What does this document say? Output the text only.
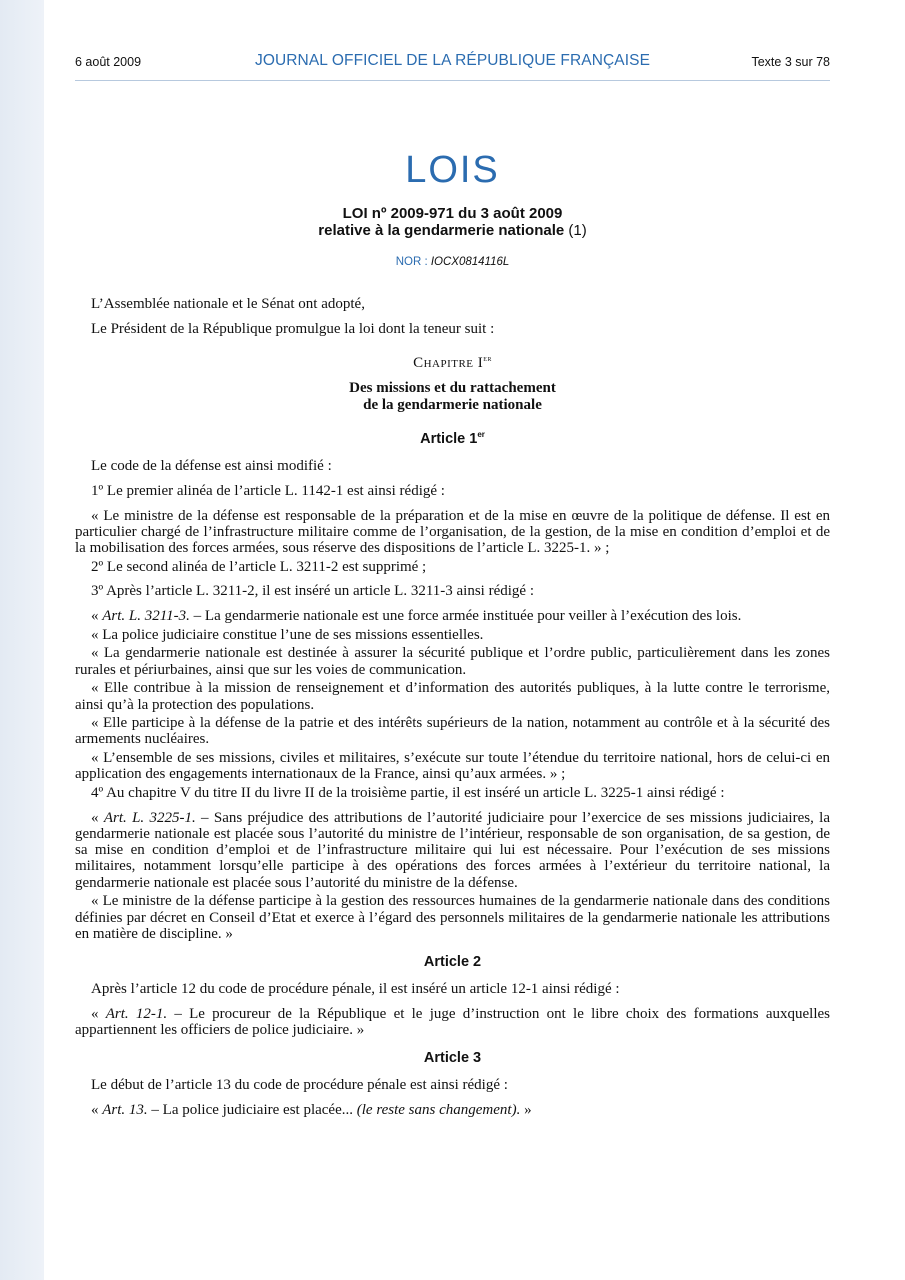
6 août 2009	JOURNAL OFFICIEL DE LA RÉPUBLIQUE FRANÇAISE	Texte 3 sur 78
LOIS
LOI nº 2009-971 du 3 août 2009
relative à la gendarmerie nationale (1)
NOR : IOCX0814116L

L’Assemblée nationale et le Sénat ont adopté,

Le Président de la République promulgue la loi dont la teneur suit :

Chapitre Ier
Des missions et du rattachement
de la gendarmerie nationale
Article 1er

Le code de la défense est ainsi modifié :

1º Le premier alinéa de l’article L. 1142-1 est ainsi rédigé :

« Le ministre de la défense est responsable de la préparation et de la mise en œuvre de la politique de défense. Il est en particulier chargé de l’infrastructure militaire comme de l’organisation, de la gestion, de la mise en condition d’emploi et de la mobilisation des forces armées, sous réserve des dispositions de l’article L. 3225-1. » ;

2º Le second alinéa de l’article L. 3211-2 est supprimé ;

3º Après l’article L. 3211-2, il est inséré un article L. 3211-3 ainsi rédigé :

« Art. L. 3211-3. – La gendarmerie nationale est une force armée instituée pour veiller à l’exécution des lois.

« La police judiciaire constitue l’une de ses missions essentielles.

« La gendarmerie nationale est destinée à assurer la sécurité publique et l’ordre public, particulièrement dans les zones rurales et périurbaines, ainsi que sur les voies de communication.

« Elle contribue à la mission de renseignement et d’information des autorités publiques, à la lutte contre le terrorisme, ainsi qu’à la protection des populations.

« Elle participe à la défense de la patrie et des intérêts supérieurs de la nation, notamment au contrôle et à la sécurité des armements nucléaires.

« L’ensemble de ses missions, civiles et militaires, s’exécute sur toute l’étendue du territoire national, hors de celui-ci en application des engagements internationaux de la France, ainsi qu’aux armées. » ;

4º Au chapitre V du titre II du livre II de la troisième partie, il est inséré un article L. 3225-1 ainsi rédigé :

« Art. L. 3225-1. – Sans préjudice des attributions de l’autorité judiciaire pour l’exercice de ses missions judiciaires, la gendarmerie nationale est placée sous l’autorité du ministre de l’intérieur, responsable de son organisation, de sa gestion, de sa mise en condition d’emploi et de l’infrastructure militaire qui lui est nécessaire. Pour l’exécution de ses missions militaires, notamment lorsqu’elle participe à des opérations des forces armées à l’extérieur du territoire national, la gendarmerie nationale est placée sous l’autorité du ministre de la défense.

« Le ministre de la défense participe à la gestion des ressources humaines de la gendarmerie nationale dans des conditions définies par décret en Conseil d’Etat et exerce à l’égard des personnels militaires de la gendarmerie nationale les attributions en matière de discipline. »

Article 2

Après l’article 12 du code de procédure pénale, il est inséré un article 12-1 ainsi rédigé :

« Art. 12-1. – Le procureur de la République et le juge d’instruction ont le libre choix des formations auxquelles appartiennent les officiers de police judiciaire. »

Article 3

Le début de l’article 13 du code de procédure pénale est ainsi rédigé :

« Art. 13. – La police judiciaire est placée... (le reste sans changement). »
